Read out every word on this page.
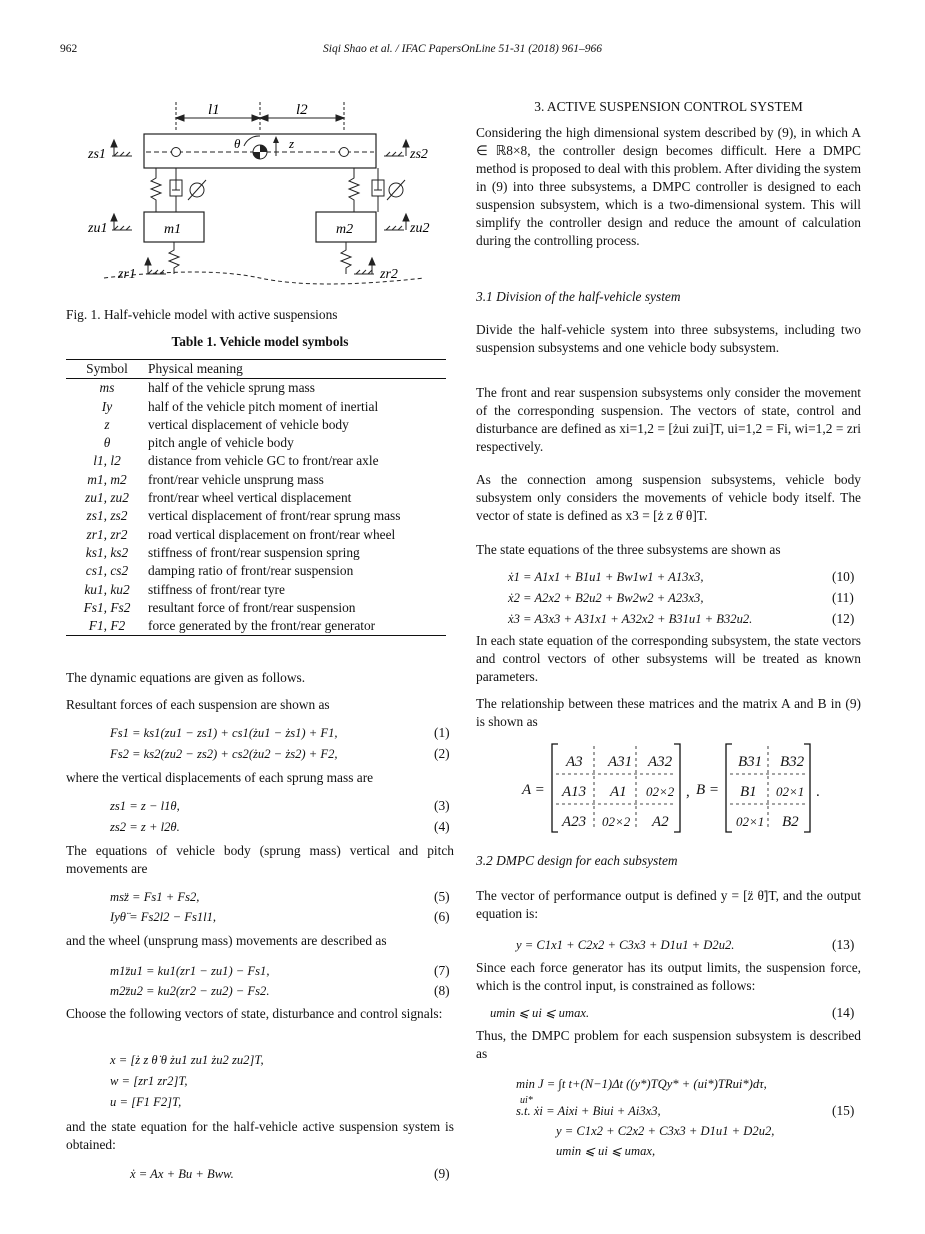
962	Siqi Shao et al. / IFAC PapersOnLine 51-31 (2018) 961–966
l1	l2
θ	z
zs1	zs2
m1	m2
zu1	zu2
zr1	zr2
Fig. 1. Half-vehicle model with active suspensions
Table 1. Vehicle model symbols
Symbol	Physical meaning
ms	half of the vehicle sprung mass
Iy	half of the vehicle pitch moment of inertial
z	vertical displacement of vehicle body
θ	pitch angle of vehicle body
l1, l2	distance from vehicle GC to front/rear axle
m1, m2	front/rear vehicle unsprung mass
zu1, zu2	front/rear wheel vertical displacement
zs1, zs2	vertical displacement of front/rear sprung mass
zr1, zr2	road vertical displacement on front/rear wheel
ks1, ks2	stiffness of front/rear suspension spring
cs1, cs2	damping ratio of front/rear suspension
ku1, ku2	stiffness of front/rear tyre
Fs1, Fs2	resultant force of front/rear suspension
F1, F2	force generated by the front/rear generator
The dynamic equations are given as follows.
Resultant forces of each suspension are shown as
Fs1 = ks1(zu1 − zs1) + cs1(żu1 − żs1) + F1,	(1)
Fs2 = ks2(zu2 − zs2) + cs2(żu2 − żs2) + F2,	(2)
where the vertical displacements of each sprung mass are
zs1 = z − l1θ,	(3)
zs2 = z + l2θ.	(4)

The equations of vehicle body (sprung mass) vertical and pitch movements are

msz̈ = Fs1 + Fs2,	(5)
Iyθ̈ = Fs2l2 − Fs1l1,	(6)
and the wheel (unsprung mass) movements are described as
m1z̈u1 = ku1(zr1 − zu1) − Fs1,	(7)
m2z̈u2 = ku2(zr2 − zu2) − Fs2.	(8)

Choose the following vectors of state, disturbance and control signals:

x = [ż z θ̇ θ żu1 zu1 żu2 zu2]T,
w = [zr1 zr2]T,
u = [F1 F2]T,

and the state equation for the half-vehicle active suspension system is obtained:

ẋ = Ax + Bu + Bww.	(9)
3. ACTIVE SUSPENSION CONTROL SYSTEM

Considering the high dimensional system described by (9), in which A ∈ ℝ8×8, the controller design becomes difficult. Here a DMPC method is proposed to deal with this problem. After dividing the system in (9) into three subsystems, a DMPC controller is designed to each suspension subsystem, which is a two-dimensional system. This will simplify the controller design and reduce the amount of calculation during the controlling process.

3.1 Division of the half-vehicle system

Divide the half-vehicle system into three subsystems, including two suspension subsystems and one vehicle body subsystem.

The front and rear suspension subsystems only consider the movement of the corresponding suspension. The vectors of state, control and disturbance are defined as xi=1,2 = [żui zui]T, ui=1,2 = Fi, wi=1,2 = zri respectively.

As the connection among suspension subsystems, vehicle body subsystem only considers the movements of vehicle body itself. The vector of state is defined as x3 = [ż z θ̇ θ]T.

The state equations of the three subsystems are shown as
ẋ1 = A1x1 + B1u1 + Bw1w1 + A13x3,	(10)
ẋ2 = A2x2 + B2u2 + Bw2w2 + A23x3,	(11)
ẋ3 = A3x3 + A31x1 + A32x2 + B31u1 + B32u2.	(12)

In each state equation of the corresponding subsystem, the state vectors and control vectors of other subsystems will be treated as known parameters.

The relationship between these matrices and the matrix A and B in (9) is shown as

A =
A3 A31 A32
A13 A1 02×2
A23 02×2 A2
, B =
B31 B32
B1 02×1
02×1 B2
.
3.2 DMPC design for each subsystem

The vector of performance output is defined y = [z̈ θ̈]T, and the output equation is:

y = C1x1 + C2x2 + C3x3 + D1u1 + D2u2.	(13)

Since each force generator has its output limits, the suspension force, which is the control input, is constrained as follows:

umin ⩽ ui ⩽ umax.	(14)

Thus, the DMPC problem for each suspension subsystem is described as

min J = ∫t t+(N−1)Δt ((y*)TQy* + (ui*)TRui*)dτ,
ui*
s.t. ẋi = Aixi + Biui + Ai3x3,	(15)
y = C1x2 + C2x2 + C3x3 + D1u1 + D2u2,
umin ⩽ ui ⩽ umax,
